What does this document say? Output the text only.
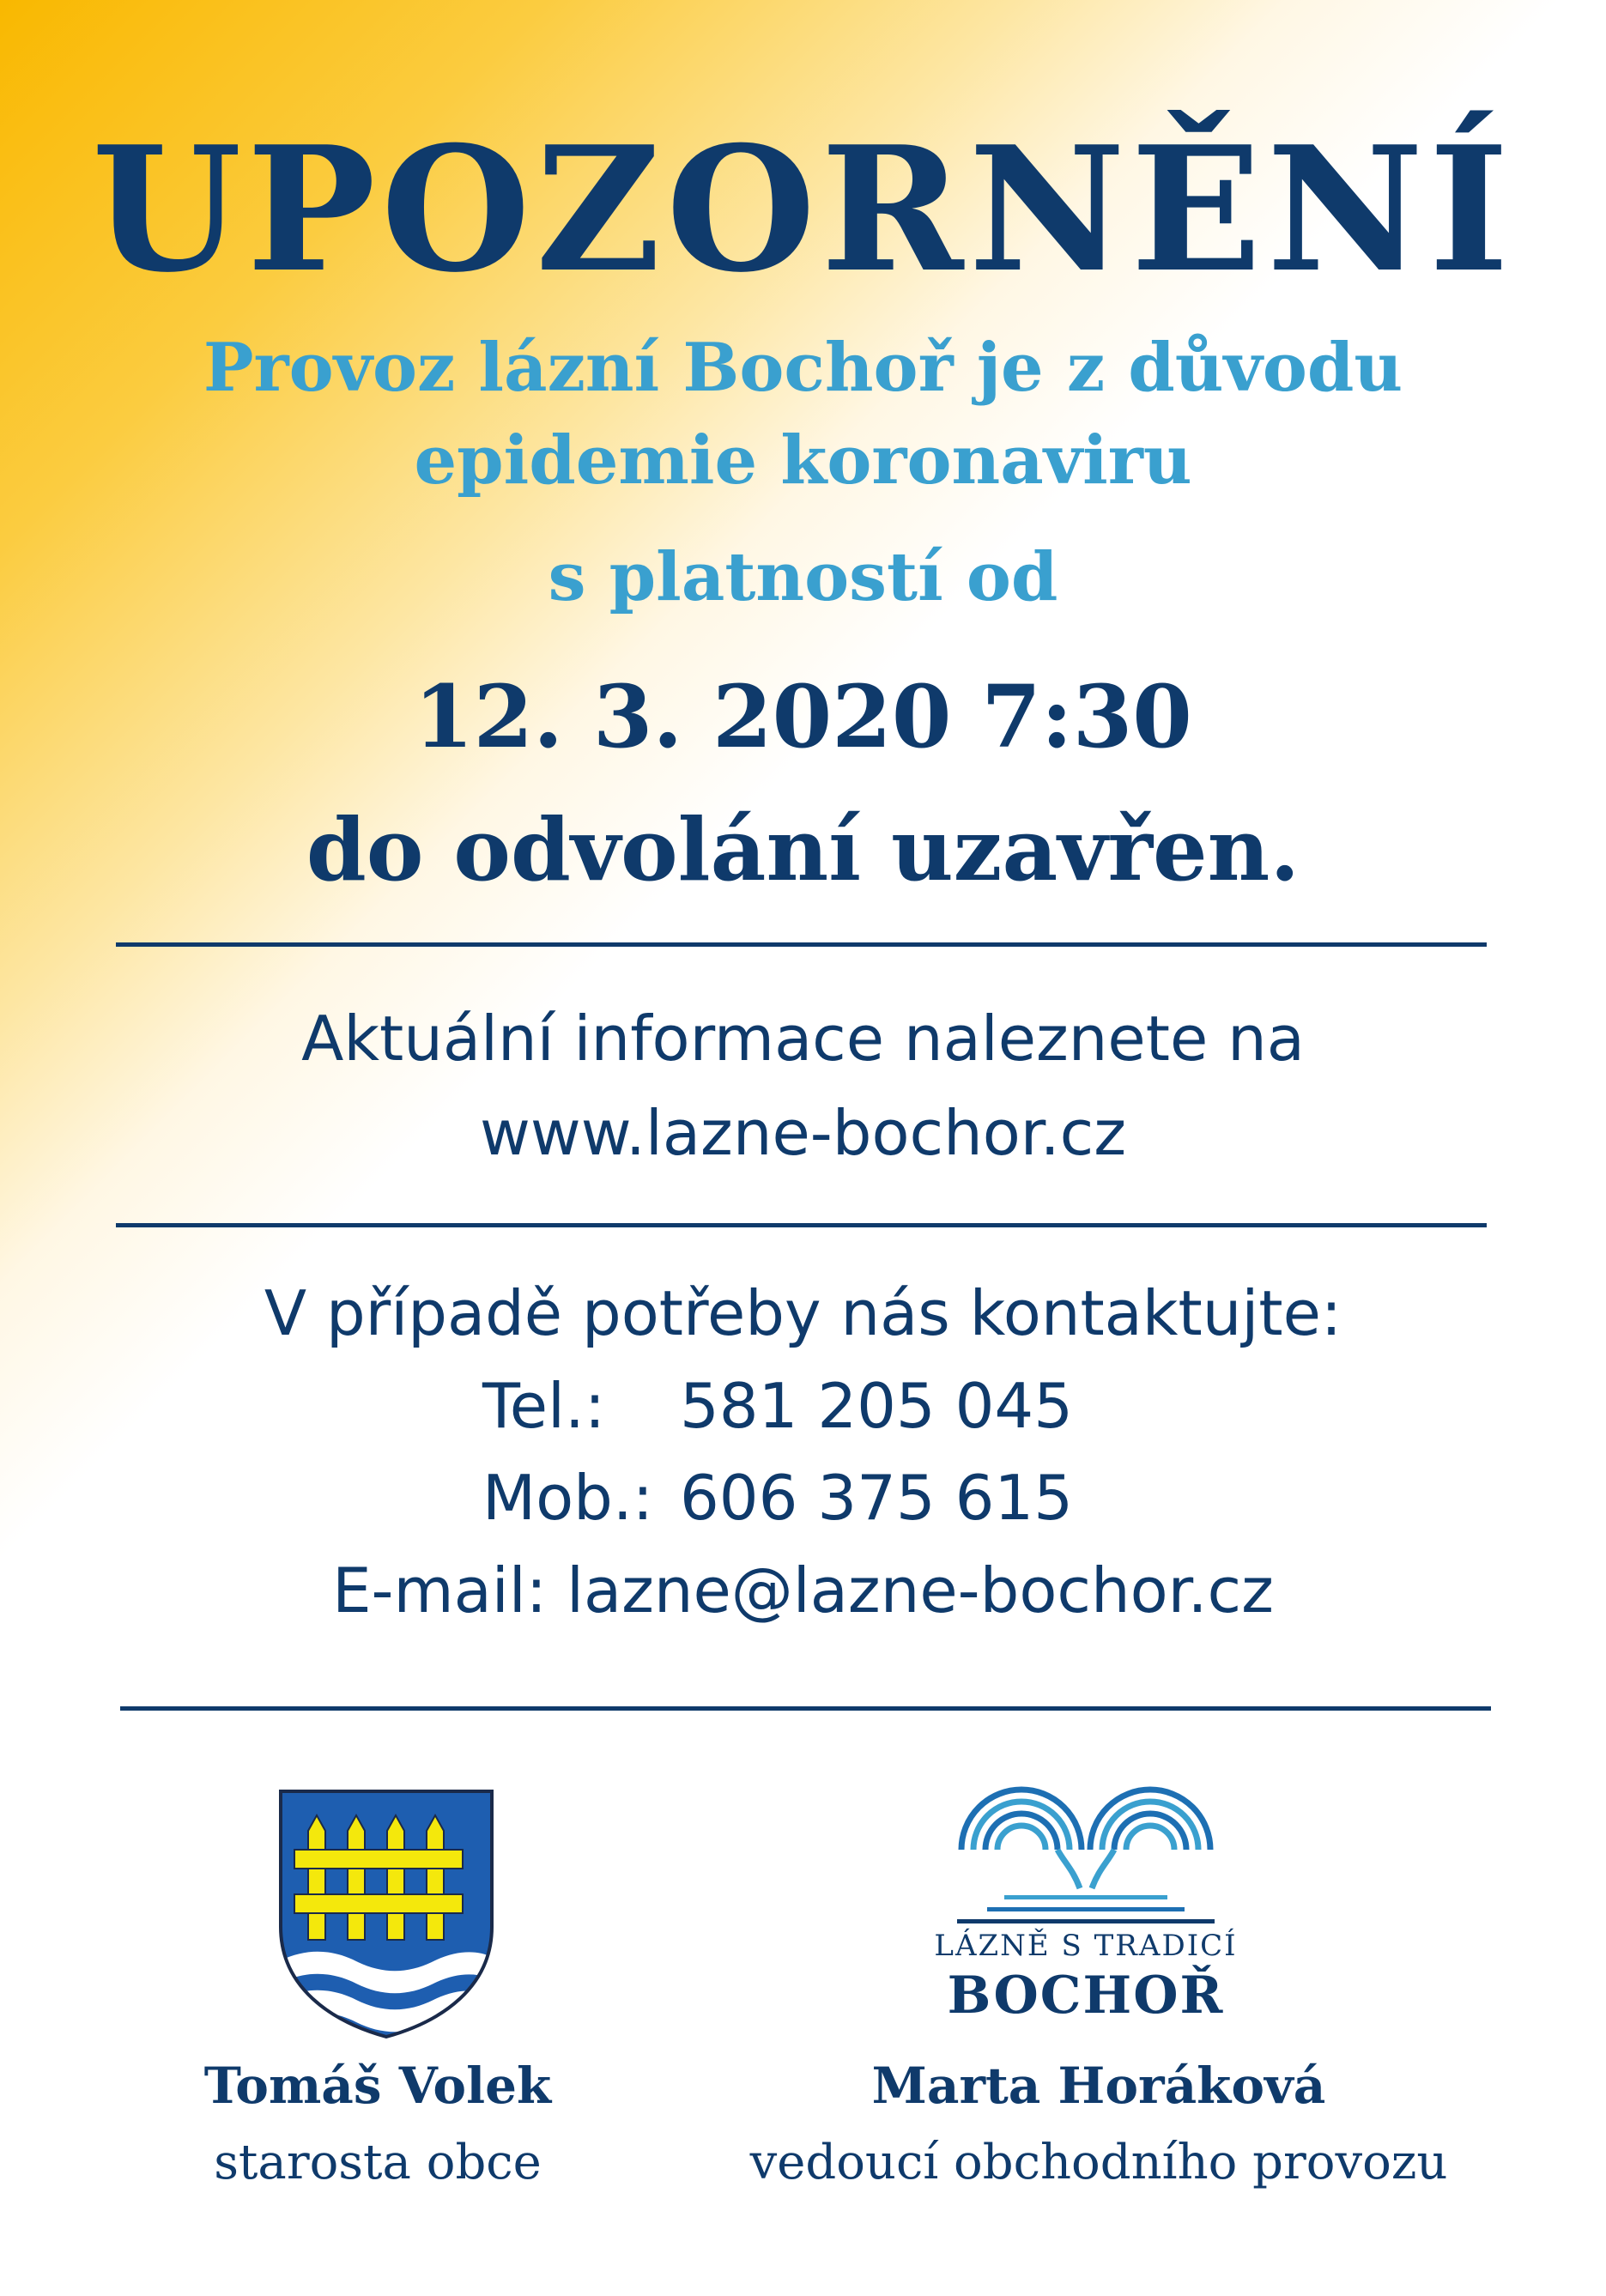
UPOZORNĚNÍ
Provoz lázní Bochoř je z důvodu
epidemie koronaviru
s platností od
12. 3. 2020 7:30
do odvolání uzavřen.
Aktuální informace naleznete na
www.lazne-bochor.cz
V případě potřeby nás kontaktujte:
Tel.: 581 205 045
Mob.: 606 375 615
E-mail: lazne@lazne-bochor.cz
LÁZNĚ S TRADICÍ
BOCHOŘ
Tomáš Volek
starosta obce
Marta Horáková
vedoucí obchodního provozu
